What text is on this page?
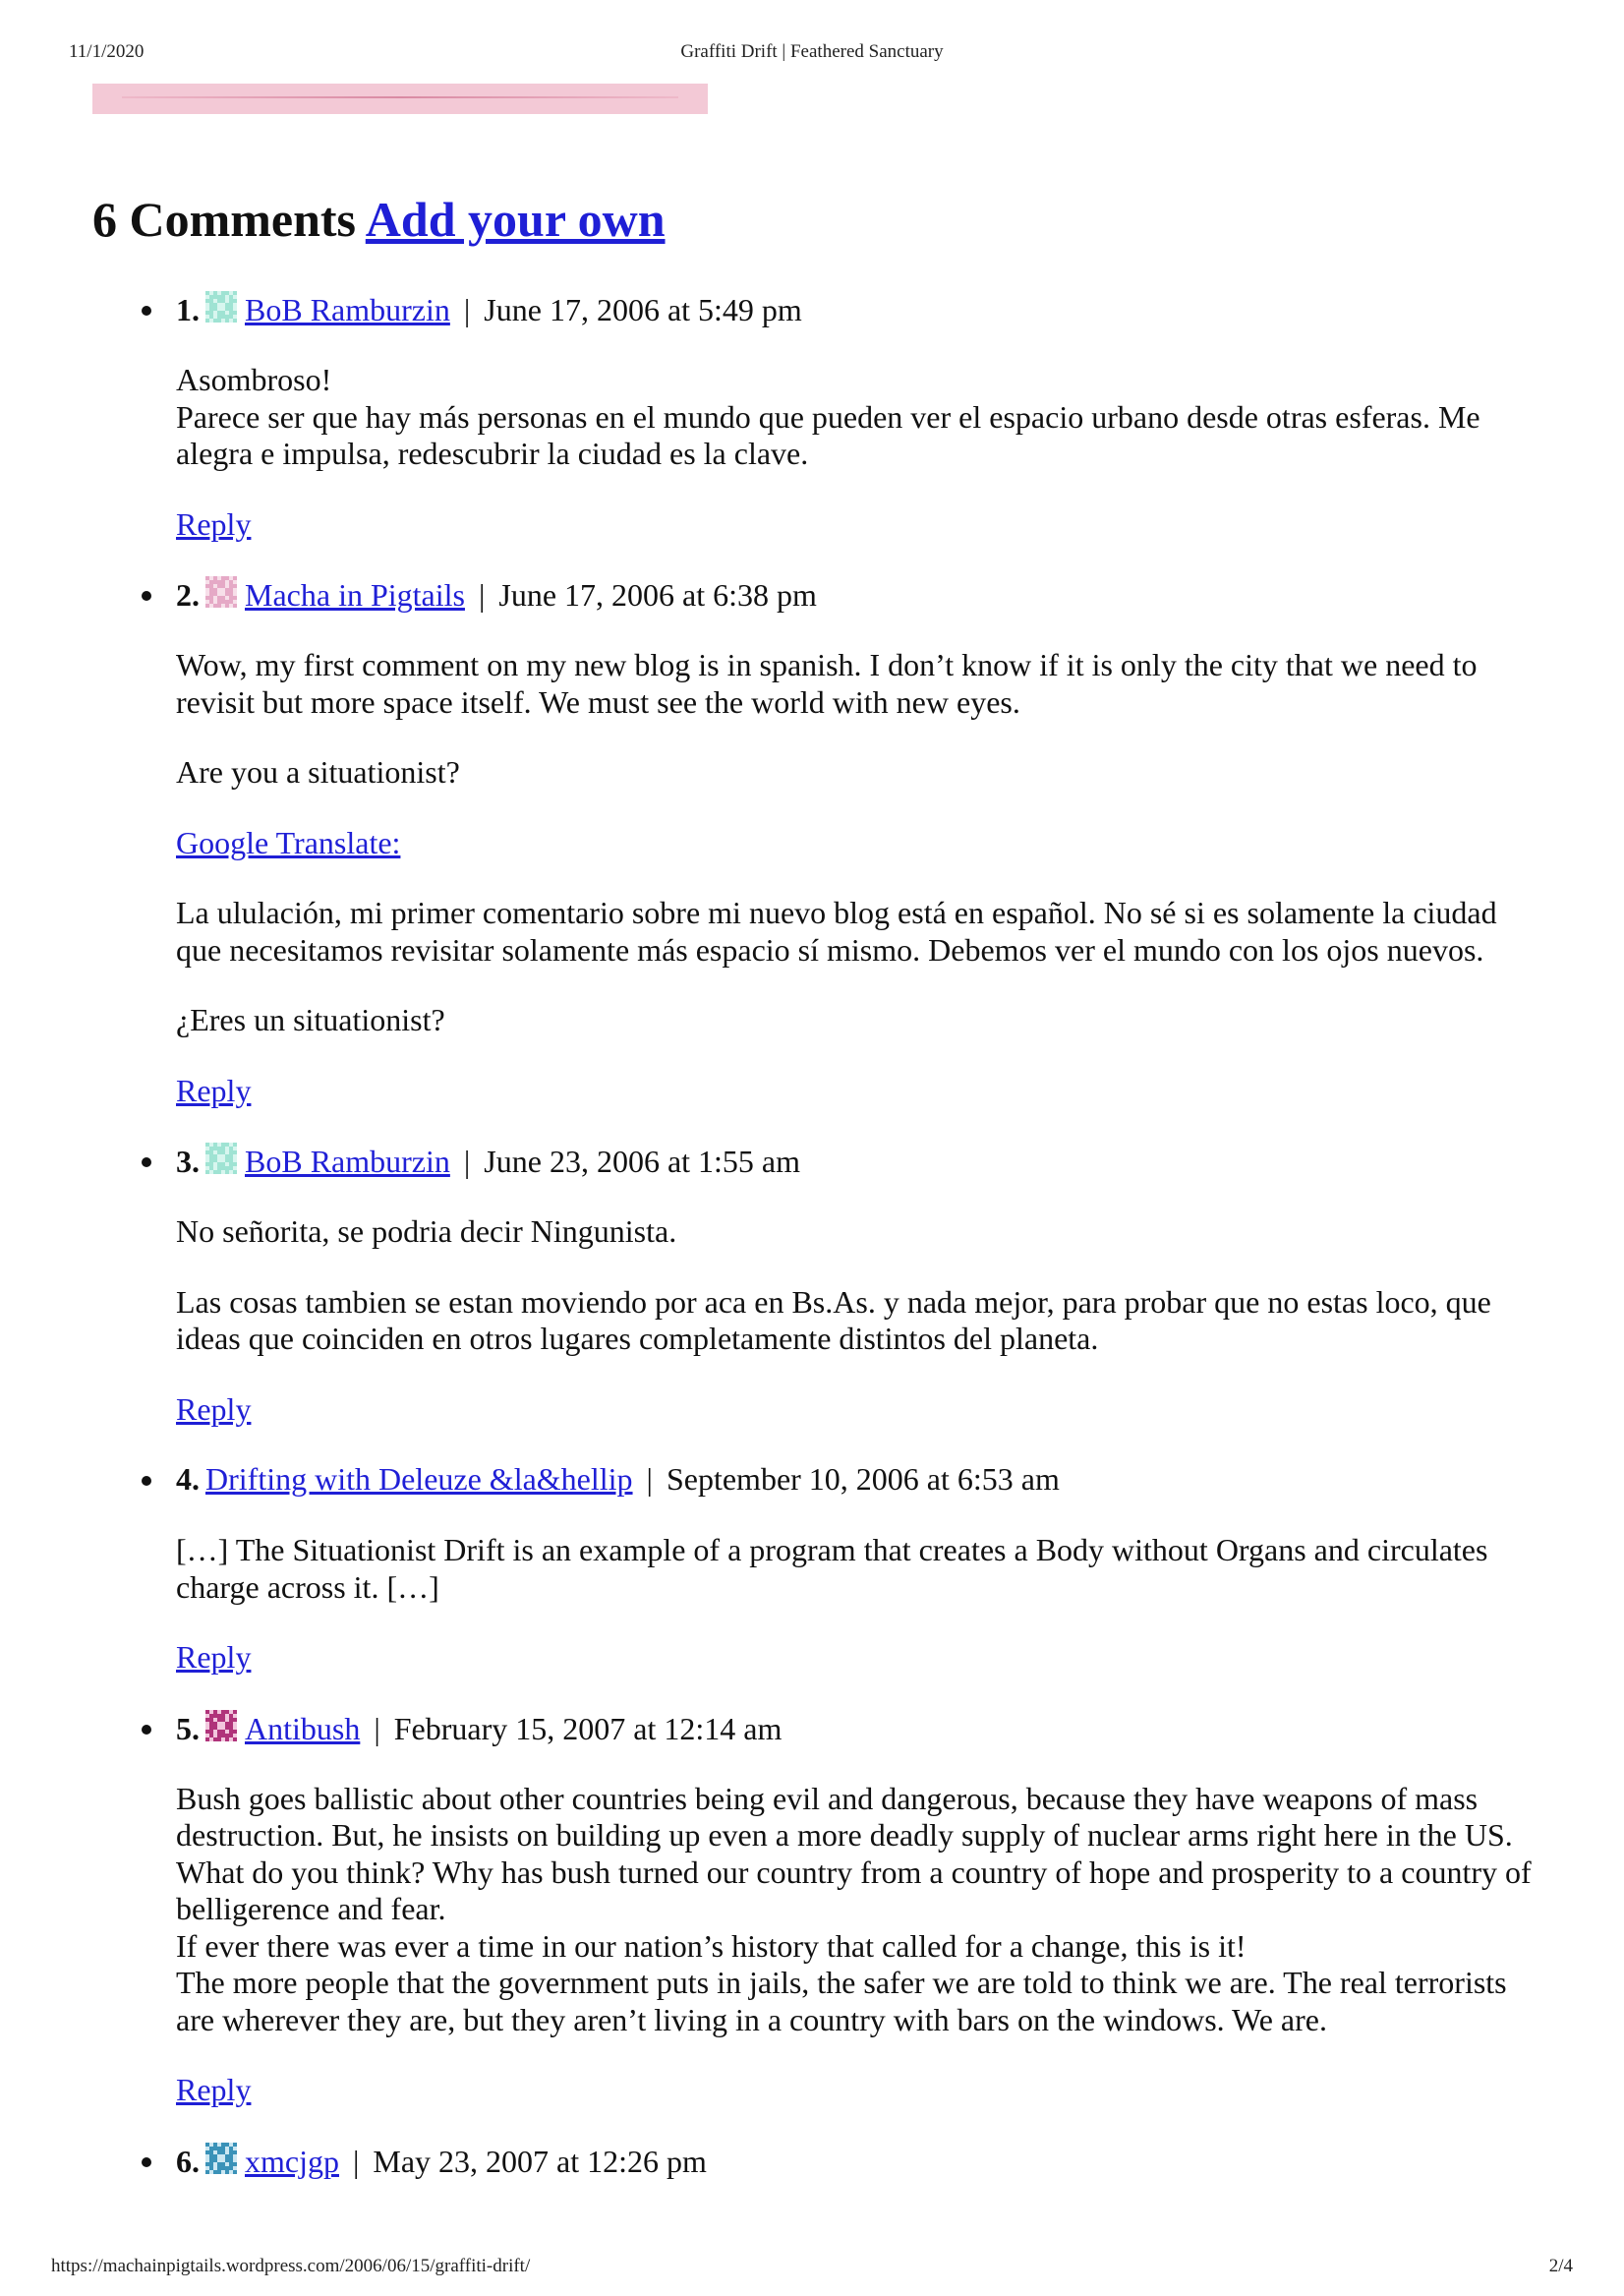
11/1/2020	Graffiti Drift | Feathered Sanctuary
6 Comments Add your own
1. BoB Ramburzin | June 17, 2006 at 5:49 pm

Asombroso!
Parece ser que hay más personas en el mundo que pueden ver el espacio urbano desde otras esferas. Me alegra e impulsa, redescubrir la ciudad es la clave.

Reply
2. Macha in Pigtails | June 17, 2006 at 6:38 pm

Wow, my first comment on my new blog is in spanish. I don’t know if it is only the city that we need to revisit but more space itself. We must see the world with new eyes.

Are you a situationist?

Google Translate:

La ululación, mi primer comentario sobre mi nuevo blog está en español. No sé si es solamente la ciudad que necesitamos revisitar solamente más espacio sí mismo. Debemos ver el mundo con los ojos nuevos.

¿Eres un situationist?

Reply
3. BoB Ramburzin | June 23, 2006 at 1:55 am

No señorita, se podria decir Ningunista.

Las cosas tambien se estan moviendo por aca en Bs.As. y nada mejor, para probar que no estas loco, que ideas que coinciden en otros lugares completamente distintos del planeta.

Reply
4. Drifting with Deleuze &la&hellip | September 10, 2006 at 6:53 am

[…] The Situationist Drift is an example of a program that creates a Body without Organs and circulates charge across it. […]

Reply
5. Antibush | February 15, 2007 at 12:14 am

Bush goes ballistic about other countries being evil and dangerous, because they have weapons of mass destruction. But, he insists on building up even a more deadly supply of nuclear arms right here in the US. What do you think? Why has bush turned our country from a country of hope and prosperity to a country of belligerence and fear.
If ever there was ever a time in our nation’s history that called for a change, this is it!
The more people that the government puts in jails, the safer we are told to think we are. The real terrorists are wherever they are, but they aren’t living in a country with bars on the windows. We are.

Reply
6. xmcjgp | May 23, 2007 at 12:26 pm
https://machainpigtails.wordpress.com/2006/06/15/graffiti-drift/	2/4
